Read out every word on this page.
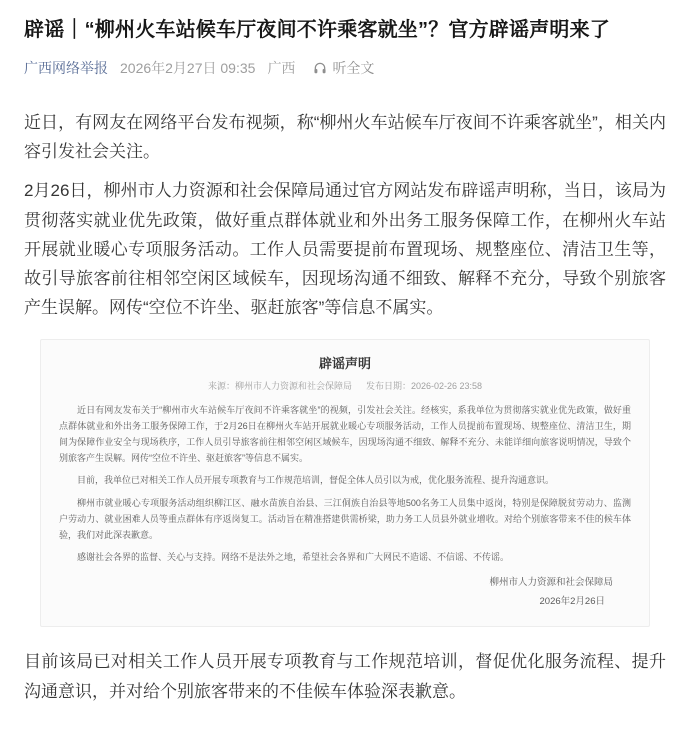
辟谣｜“柳州火车站候车厅夜间不许乘客就坐”？官方辟谣声明来了
广西网络举报 2026年2月27日 09:35 广西	听全文

近日，有网友在网络平台发布视频，称“柳州火车站候车厅夜间不许乘客就坐”，相关内容引发社会关注。

2月26日，柳州市人力资源和社会保障局通过官方网站发布辟谣声明称，当日，该局为贯彻落实就业优先政策，做好重点群体就业和外出务工服务保障工作，在柳州火车站开展就业暖心专项服务活动。工作人员需要提前布置现场、规整座位、清洁卫生等，故引导旅客前往相邻空闲区域候车，因现场沟通不细致、解释不充分，导致个别旅客产生误解。网传“空位不许坐、驱赶旅客”等信息不属实。

辟谣声明
来源：柳州市人力资源和社会保障局 发布日期：2026-02-26 23:58

近日有网友发布关于“柳州市火车站候车厅夜间不许乘客就坐”的视频，引发社会关注。经核实，系我单位为贯彻落实就业优先政策，做好重点群体就业和外出务工服务保障工作，于2月26日在柳州火车站开展就业暖心专项服务活动，工作人员提前布置现场、规整座位、清洁卫生，期间为保障作业安全与现场秩序，工作人员引导旅客前往相邻空闲区域候车，因现场沟通不细致、解释不充分、未能详细向旅客说明情况，导致个别旅客产生误解。网传“空位不许坐、驱赶旅客”等信息不属实。

目前，我单位已对相关工作人员开展专项教育与工作规范培训，督促全体人员引以为戒，优化服务流程、提升沟通意识。

柳州市就业暖心专项服务活动组织柳江区、融水苗族自治县、三江侗族自治县等地500名务工人员集中返岗，特别是保障脱贫劳动力、监测户劳动力、就业困难人员等重点群体有序返岗复工。活动旨在精准搭建供需桥梁，助力务工人员县外就业增收。对给个别旅客带来不佳的候车体验，我们对此深表歉意。

感谢社会各界的监督、关心与支持。网络不是法外之地，希望社会各界和广大网民不造谣、不信谣、不传谣。

柳州市人力资源和社会保障局
2026年2月26日

目前该局已对相关工作人员开展专项教育与工作规范培训，督促优化服务流程、提升沟通意识，并对给个别旅客带来的不佳候车体验深表歉意。
